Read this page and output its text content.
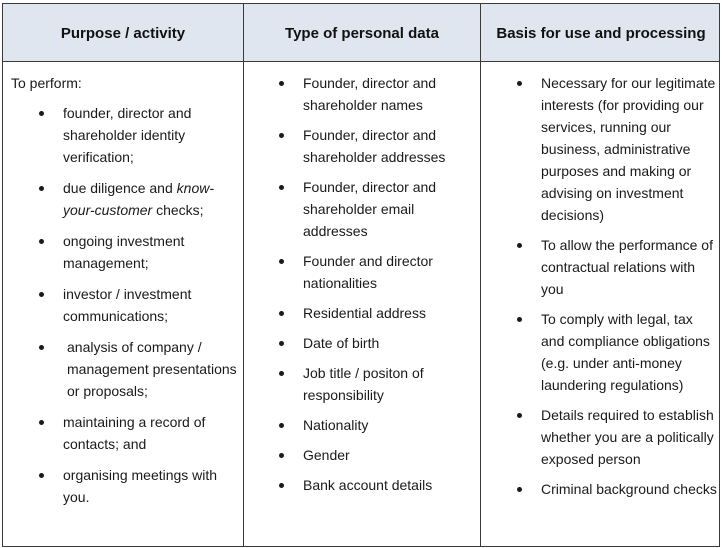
Purpose / activity	Type of personal data	Basis for use and processing

To perform:

founder, director and shareholder identity verification;
due diligence and know-your-customer checks;
ongoing investment management;
investor / investment communications;
analysis of company / management presentations or proposals;
maintaining a record of contacts; and
organising meetings with you.
Founder, director and shareholder names
Founder, director and shareholder addresses
Founder, director and shareholder email addresses
Founder and director nationalities
Residential address
Date of birth
Job title / positon of responsibility
Nationality
Gender
Bank account details
Necessary for our legitimate interests (for providing our services, running our business, administrative purposes and making or advising on investment decisions)
To allow the performance of contractual relations with you
To comply with legal, tax and compliance obligations (e.g. under anti-money laundering regulations)
Details required to establish whether you are a politically exposed person
Criminal background checks
